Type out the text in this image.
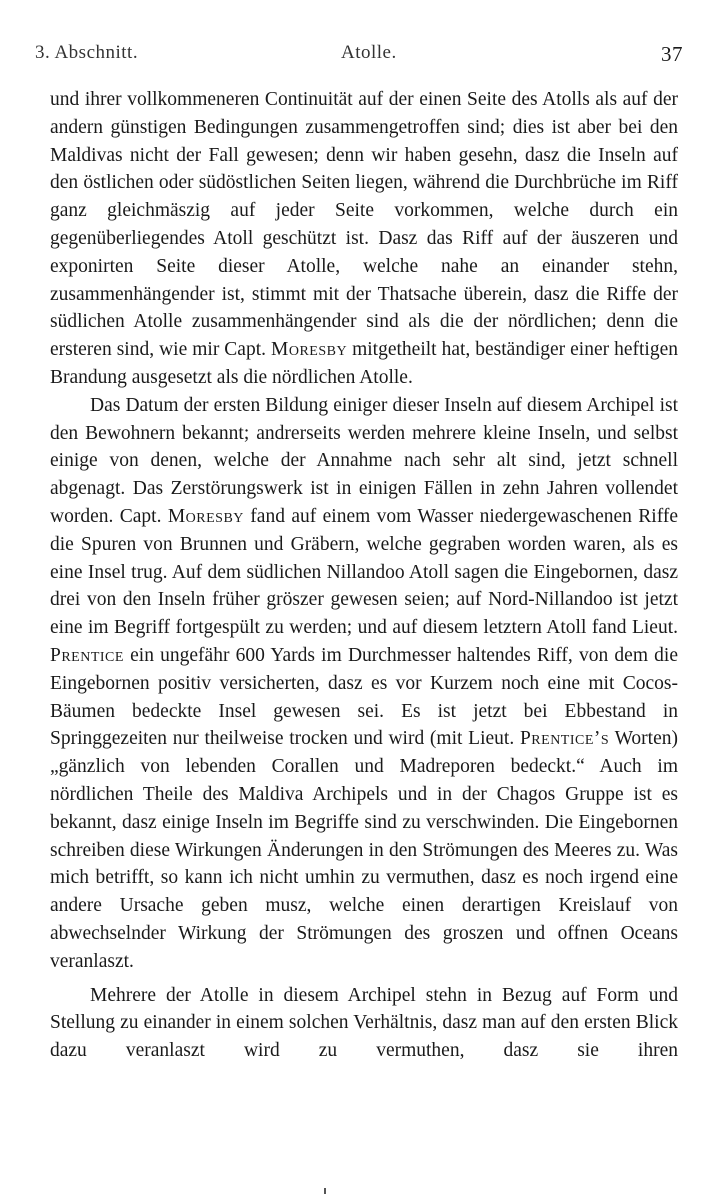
3. Abschnitt.	Atolle.	37

und ihrer vollkommeneren Continuität auf der einen Seite des Atolls als auf der andern günstigen Bedingungen zusammengetroffen sind; dies ist aber bei den Maldivas nicht der Fall gewesen; denn wir haben gesehn, dasz die Inseln auf den östlichen oder südöstlichen Seiten liegen, während die Durchbrüche im Riff ganz gleichmäszig auf jeder Seite vorkommen, welche durch ein gegenüberliegendes Atoll geschützt ist. Dasz das Riff auf der äuszeren und exponirten Seite dieser Atolle, welche nahe an einander stehn, zusammenhängender ist, stimmt mit der Thatsache überein, dasz die Riffe der südlichen Atolle zusammenhängender sind als die der nördlichen; denn die ersteren sind, wie mir Capt. Moresby mitgetheilt hat, beständiger einer heftigen Brandung ausgesetzt als die nördlichen Atolle.

Das Datum der ersten Bildung einiger dieser Inseln auf diesem Archipel ist den Bewohnern bekannt; andrerseits werden mehrere kleine Inseln, und selbst einige von denen, welche der Annahme nach sehr alt sind, jetzt schnell abgenagt. Das Zerstörungswerk ist in einigen Fällen in zehn Jahren vollendet worden. Capt. Moresby fand auf einem vom Wasser niedergewaschenen Riffe die Spuren von Brunnen und Gräbern, welche gegraben worden waren, als es eine Insel trug. Auf dem südlichen Nillandoo Atoll sagen die Eingebornen, dasz drei von den Inseln früher gröszer gewesen seien; auf Nord-Nillandoo ist jetzt eine im Begriff fortgespült zu werden; und auf diesem letztern Atoll fand Lieut. Prentice ein ungefähr 600 Yards im Durchmesser haltendes Riff, von dem die Eingebornen positiv versicherten, dasz es vor Kurzem noch eine mit Cocos-Bäumen bedeckte Insel gewesen sei. Es ist jetzt bei Ebbestand in Springgezeiten nur theilweise trocken und wird (mit Lieut. Prentice’s Worten) „gänzlich von lebenden Corallen und Madreporen bedeckt.“ Auch im nördlichen Theile des Maldiva Archipels und in der Chagos Gruppe ist es bekannt, dasz einige Inseln im Begriffe sind zu verschwinden. Die Eingebornen schreiben diese Wirkungen Änderungen in den Strömungen des Meeres zu. Was mich betrifft, so kann ich nicht umhin zu vermuthen, dasz es noch irgend eine andere Ursache geben musz, welche einen derartigen Kreislauf von abwechselnder Wirkung der Strömungen des groszen und offnen Oceans veranlaszt.

Mehrere der Atolle in diesem Archipel stehn in Bezug auf Form und Stellung zu einander in einem solchen Verhältnis, dasz man auf den ersten Blick dazu veranlaszt wird zu vermuthen, dasz sie ihren
